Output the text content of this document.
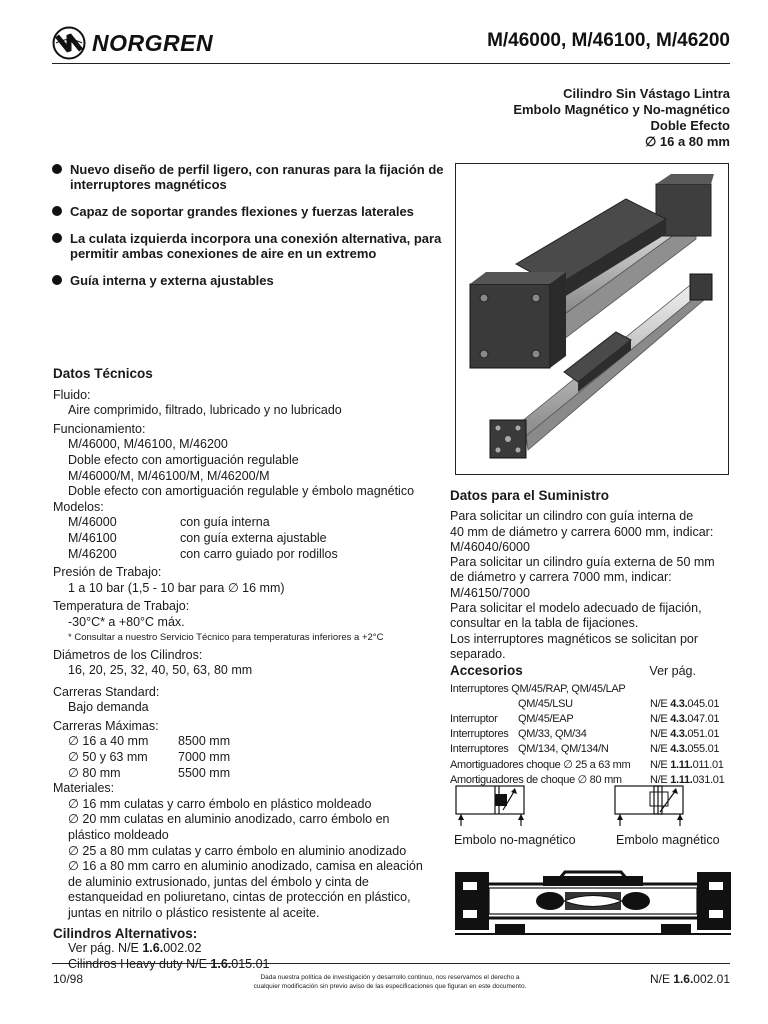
NORGREN	M/46000, M/46100, M/46200
Cilindro Sin Vástago Lintra
Embolo Magnético y No-magnético
Doble Efecto
∅ 16 a 80 mm
Nuevo diseño de perfil ligero, con ranuras para la fijación de interruptores magnéticos
Capaz de soportar grandes flexiones y fuerzas laterales
La culata izquierda incorpora una conexión alternativa, para permitir ambas conexiones de aire en un extremo
Guía interna y externa ajustables
Datos Técnicos
Fluido:
Aire comprimido, filtrado, lubricado y no lubricado
Funcionamiento:
M/46000, M/46100, M/46200
Doble efecto con amortiguación regulable
M/46000/M, M/46100/M, M/46200/M
Doble efecto con amortiguación regulable y émbolo magnético
Modelos:
M/46000	con guía interna
M/46100	con guía externa ajustable
M/46200	con carro guiado por rodillos
Presión de Trabajo:
1 a 10 bar (1,5 - 10 bar para ∅ 16 mm)
Temperatura de Trabajo:
-30°C* a +80°C máx.
* Consultar a nuestro Servicio Técnico para temperaturas inferiores a +2°C
Diámetros de los Cilindros:
16, 20, 25, 32, 40, 50, 63, 80 mm
Carreras Standard:
Bajo demanda
Carreras Máximas:
∅ 16 a 40 mm	8500 mm
∅ 50 y 63 mm	7000 mm
∅ 80 mm	5500 mm
Materiales:
∅ 16 mm culatas y carro émbolo en plástico moldeado
∅ 20 mm culatas en aluminio anodizado, carro émbolo en plástico moldeado
∅ 25 a 80 mm culatas y carro émbolo en aluminio anodizado
∅ 16 a 80 mm carro en aluminio anodizado, camisa en aleación de aluminio extrusionado, juntas del émbolo y cinta de estanqueidad en poliuretano, cintas de protección en plástico, juntas en nitrilo o plástico resistente al aceite.
Cilindros Alternativos:
Ver pág. N/E 1.6.002.02
Cilindros Heavy duty N/E 1.6.015.01
Datos para el Suministro
Para solicitar un cilindro con guía interna de
40 mm de diámetro y carrera 6000 mm, indicar:
M/46040/6000
Para solicitar un cilindro guía externa de 50 mm
de diámetro y carrera 7000 mm, indicar:
M/46150/7000
Para solicitar el modelo adecuado de fijación,
consultar en la tabla de fijaciones.
Los interruptores magnéticos se solicitan por
separado.
Accesorios	Ver pág.
Interruptores QM/45/RAP, QM/45/LAP		
QM/45/LSU		N/E 4.3.045.01
Interruptor	QM/45/EAP	N/E 4.3.047.01
Interruptores	QM/33, QM/34	N/E 4.3.051.01
Interruptores	QM/134, QM/134/N	N/E 4.3.055.01
Amortiguadores choque ∅ 25 a 63 mm		N/E 1.11.011.01
Amortiguadores de choque ∅ 80 mm		N/E 1.11.031.01
Embolo no-magnético	Embolo magnético
10/98	Dada nuestra política de investigación y desarrollo continuo, nos reservamos el derecho a
cualquier modificación sin previo aviso de las especificaciones que figuran en este documento.	N/E 1.6.002.01
